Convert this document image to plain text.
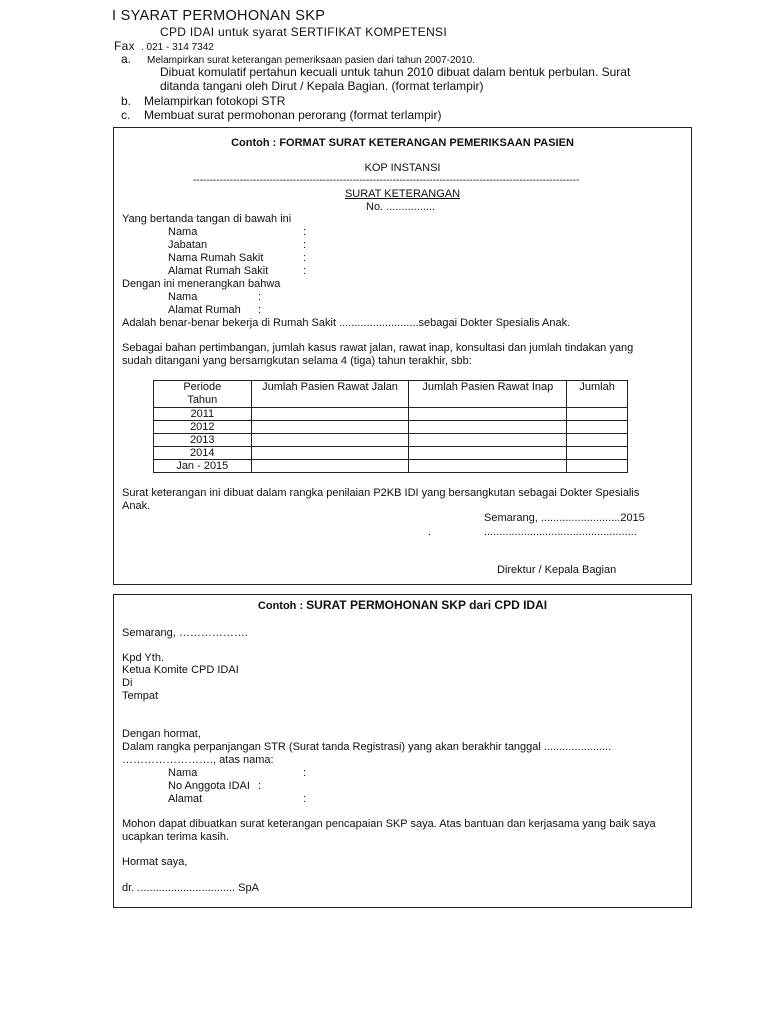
I SYARAT PERMOHONAN SKP
CPD IDAI untuk syarat SERTIFIKAT KOMPETENSI
Fax . 021 - 314 7342
a. Melampirkan surat keterangan pemeriksaan pasien dari tahun 2007-2010.
Dibuat komulatif pertahun kecuali untuk tahun 2010 dibuat dalam bentuk perbulan. Surat
ditanda tangani oleh Dirut / Kepala Bagian. (format terlampir)
b. Melampirkan fotokopi STR
c. Membuat surat permohonan perorang (format terlampir)
Contoh : FORMAT SURAT KETERANGAN PEMERIKSAAN PASIEN
KOP INSTANSI
--------------------------------------------------------------------------------------------------------------------
SURAT KETERANGAN
No. ................
Yang bertanda tangan di bawah ini
Nama	:
Jabatan	:
Nama Rumah Sakit	:
Alamat Rumah Sakit	:
Dengan ini menerangkan bahwa
Nama	:
Alamat Rumah :
Adalah benar-benar bekerja di Rumah Sakit ..........................sebagai Dokter Spesialis Anak.
Sebagai bahan pertimbangan, jumlah kasus rawat jalan, rawat inap, konsultasi dan jumlah tindakan yang
sudah ditangani yang bersamgkutan selama 4 (tiga) tahun terakhir, sbb:
Periode Tahun	Jumlah Pasien Rawat Jalan	Jumlah Pasien Rawat Inap	Jumlah
2011			
2012			
2013			
2014			
Jan - 2015			
Surat keterangan ini dibuat dalam rangka penilaian P2KB IDI yang bersangkutan sebagai Dokter Spesialis
Anak.
Semarang, ..........................2015
.	..................................................
Direktur / Kepala Bagian
Contoh : SURAT PERMOHONAN SKP dari CPD IDAI
Semarang, ……………….
Kpd Yth.
Ketua Komite CPD IDAI
Di
Tempat
Dengan hormat,
Dalam rangka perpanjangan STR (Surat tanda Registrasi) yang akan berakhir tanggal ......................
……………………., atas nama:
Nama	:
No Anggota IDAI :
Alamat	:
Mohon dapat dibuatkan surat keterangan pencapaian SKP saya. Atas bantuan dan kerjasama yang baik saya
ucapkan terima kasih.
Hormat saya,
dr. ................................ SpA
